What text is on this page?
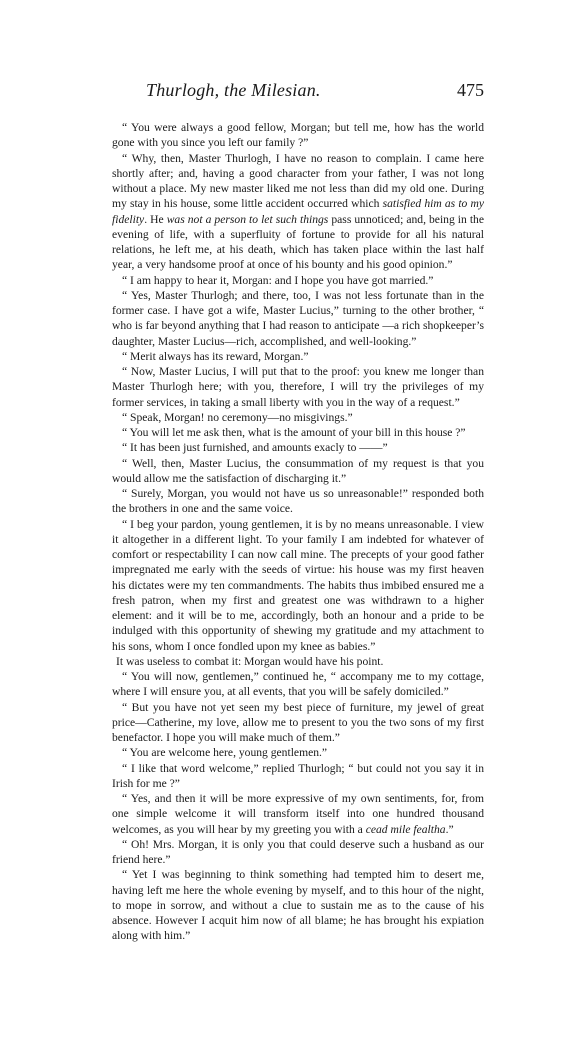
Thurlogh, the Milesian.	475

“ You were always a good fellow, Morgan; but tell me, how has the world gone with you since you left our family ?”

“ Why, then, Master Thurlogh, I have no reason to complain. I came here shortly after; and, having a good character from your father, I was not long without a place. My new master liked me not less than did my old one. During my stay in his house, some little accident occurred which satisfied him as to my fidelity. He was not a person to let such things pass unnoticed; and, being in the evening of life, with a superfluity of fortune to provide for all his natural relations, he left me, at his death, which has taken place within the last half year, a very handsome proof at once of his bounty and his good opinion.”

“ I am happy to hear it, Morgan: and I hope you have got married.”

“ Yes, Master Thurlogh; and there, too, I was not less fortunate than in the former case. I have got a wife, Master Lucius,” turning to the other brother, “ who is far beyond anything that I had reason to anticipate —a rich shopkeeper’s daughter, Master Lucius—rich, accomplished, and well-looking.”

“ Merit always has its reward, Morgan.”

“ Now, Master Lucius, I will put that to the proof: you knew me longer than Master Thurlogh here; with you, therefore, I will try the privileges of my former services, in taking a small liberty with you in the way of a request.”

“ Speak, Morgan! no ceremony—no misgivings.”

“ You will let me ask then, what is the amount of your bill in this house ?”

“ It has been just furnished, and amounts exacly to ——”

“ Well, then, Master Lucius, the consummation of my request is that you would allow me the satisfaction of discharging it.”

“ Surely, Morgan, you would not have us so unreasonable!” responded both the brothers in one and the same voice.

“ I beg your pardon, young gentlemen, it is by no means unreasonable. I view it altogether in a different light. To your family I am indebted for whatever of comfort or respectability I can now call mine. The precepts of your good father impregnated me early with the seeds of virtue: his house was my first heaven his dictates were my ten commandments. The habits thus imbibed ensured me a fresh patron, when my first and greatest one was withdrawn to a higher element: and it will be to me, accordingly, both an honour and a pride to be indulged with this opportunity of shewing my gratitude and my attachment to his sons, whom I once fondled upon my knee as babies.”

It was useless to combat it: Morgan would have his point.

“ You will now, gentlemen,” continued he, “ accompany me to my cottage, where I will ensure you, at all events, that you will be safely domiciled.”

“ But you have not yet seen my best piece of furniture, my jewel of great price—Catherine, my love, allow me to present to you the two sons of my first benefactor. I hope you will make much of them.”

“ You are welcome here, young gentlemen.”

“ I like that word welcome,” replied Thurlogh; “ but could not you say it in Irish for me ?”

“ Yes, and then it will be more expressive of my own sentiments, for, from one simple welcome it will transform itself into one hundred thousand welcomes, as you will hear by my greeting you with a cead mile fealtha.”

“ Oh! Mrs. Morgan, it is only you that could deserve such a husband as our friend here.”

“ Yet I was beginning to think something had tempted him to desert me, having left me here the whole evening by myself, and to this hour of the night, to mope in sorrow, and without a clue to sustain me as to the cause of his absence. However I acquit him now of all blame; he has brought his expiation along with him.”
